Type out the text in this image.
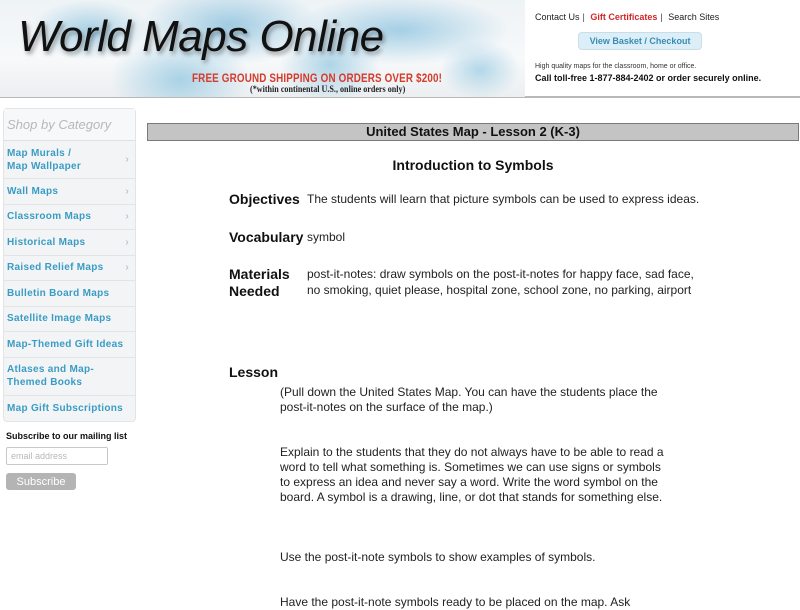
World Maps Online
FREE GROUND SHIPPING ON ORDERS OVER $200!
(*within continental U.S., online orders only)
Contact Us | Gift Certificates | Search Sites
View Basket / Checkout
High quality maps for the classroom, home or office.
Call toll-free 1-877-884-2402 or order securely online.
Shop by Category
Map Murals /
Map Wallpaper
›
Wall Maps	›
Classroom Maps	›
Historical Maps	›
Raised Relief Maps ›
Bulletin Board Maps
Satellite Image Maps
Map-Themed Gift Ideas
Atlases and Map-
Themed Books
Map Gift Subscriptions
Subscribe to our mailing list
email address
Subscribe
United States Map - Lesson 2 (K-3)
Introduction to Symbols
Objectives The students will learn that picture symbols can be used to express ideas.
Vocabulary symbol
Materials
Needed
post-it-notes: draw symbols on the post-it-notes for happy face, sad face,
no smoking, quiet please, hospital zone, school zone, no parking, airport
Lesson
(Pull down the United States Map. You can have the students place the post-it-notes on the surface of the map.)
Explain to the students that they do not always have to be able to read a word to tell what something is. Sometimes we can use signs or symbols to express an idea and never say a word. Write the word symbol on the board. A symbol is a drawing, line, or dot that stands for something else.
Use the post-it-note symbols to show examples of symbols.
Have the post-it-note symbols ready to be placed on the map. Ask
